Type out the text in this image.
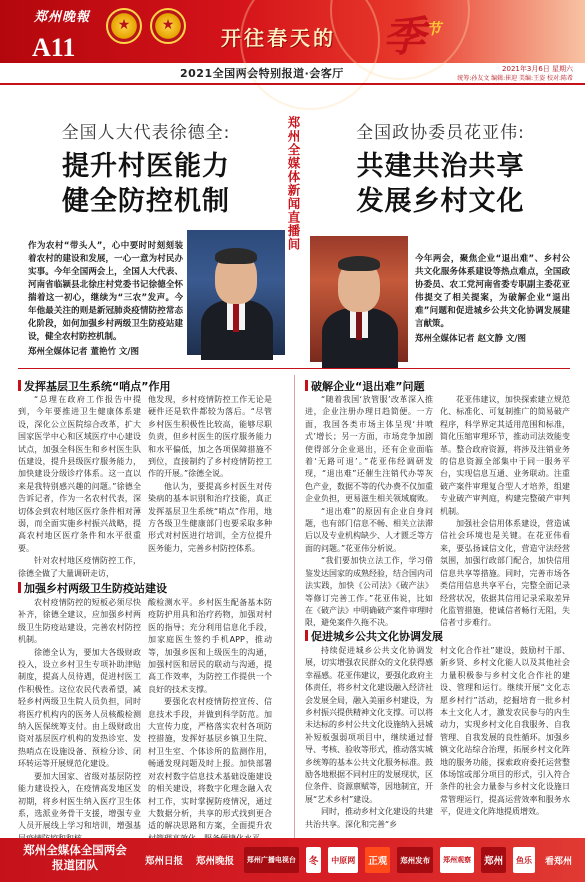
郑州晚報
A11
★	★
开往春天的 季 节
2021全国两会特别报道·会客厅	2021年3月6日 星期六
统筹:孙友文 编辑:崔迎 美编:王姿 校对:陈希
全国人大代表徐德全:
提升村医能力
健全防控机制	郑州全媒体新闻直播间	全国政协委员花亚伟:
共建共治共享
发展乡村文化
作为农村“带头人”，心中要时时刻刻装着农村的建设和发展，一心一意为村民办实事。今年全国两会上，全国人大代表、河南省临颍县北徐庄村党委书记徐德全怀揣着这一初心，继续为“三农”发声。今年他最关注的则是新冠肺炎疫情防控常态化阶段，如何加强乡村两级卫生防疫站建设，健全农村防控机制。
郑州全媒体记者 董艳竹 文/图
今年两会，聚焦企业“退出难”、乡村公共文化服务体系建设等热点难点，全国政协委员、农工党河南省委专职副主委花亚伟提交了相关提案，为破解企业“退出难”问题和促进城乡公共文化协调发展建言献策。
郑州全媒体记者 赵文静 文/图
发挥基层卫生系统“哨点”作用

“总理在政府工作报告中提到，今年要推进卫生健康体系建设，深化公立医院综合改革，扩大国家医学中心和区域医疗中心建设试点，加强全科医生和乡村医生队伍建设，提升县级医疗服务能力，加快建设分级诊疗体系。这一直以来是我特别感兴趣的问题。”徐德全告诉记者，作为一名农村代表，深切体会到农村地区医疗条件相对薄弱，而全面实施乡村振兴战略，提高农村地区医疗条件和水平很重要。

针对农村地区疫情防控工作，徐德全做了大量调研走访，

他发现，乡村疫情防控工作无论是硬件还是软件都较为落后。“尽管乡村医生积极性比较高，能够尽职负责，但乡村医生的医疗服务能力和水平偏低，加之各项保障措施不到位，直接制约了乡村疫情防控工作的开展。”徐德全说。

他认为，要提高乡村医生对传染病的基本识别和治疗技能，真正发挥基层卫生系统“哨点”作用，地方各级卫生健康部门也要采取多种形式对村医进行培训，全方位提升医务能力，完善乡村防控体系。

加强乡村两级卫生防疫站建设

农村疫情防控的短板必须尽快补齐，徐德全建议，应加强乡村两级卫生防疫站建设，完善农村防控机制。

徐德全认为，要加大各级财政投入，设立乡村卫生专项补助津贴制度，提高人员待遇，促进村医工作积极性。这位农民代表希望，减轻乡村两级卫生院人员负担，同时将医疗机构内的医务人员核酸检测纳入医保统筹支付。由上级财政出资对基层医疗机构的发热诊室、发热哨点在设施设备、预检分诊、闭环转运等开展规范化建设。

要加大国家、省级对基层防控能力建设投入，在疫情高发地区发初期，将乡村医生纳入医疗卫生体系，选派业务骨干支援，增强专业人员开展线上学习和培训，增强基

酸检测水平。乡村医生配备基本防疫防护用具和治疗药物，加强对村医的指导；充分利用信息化手段，加家庭医生签约手机APP，推动等，加强乡医和上级医生的沟通，加强村医和居民的联动与沟通，提高工作效率，为防控工作提供一个良好的技术支撑。

要强化农村疫情防控宣传、信息技术手段，并做到科学防范。加大宣传力度，严格落实农村各项防控措施，发挥好基层乡镇卫生院、村卫生室、个体诊所的监测作用，畅通发现问题及时上报。加快部署对农村数字信息技术基础设施建设的相关建设，将数字化理念融入农村工作，实时掌握防疫情况，通过大数据分析，共享的形式找到更合适的解决思路和方案，全面提升农

破解企业“退出难”问题

“随着我国‘放管服’改革深入推进，企业注册办理日趋简便。一方面，我国各类市场主体呈现‘井喷式’增长；另一方面，市场竞争加剧使得部分企业退出，还有企业面临着‘无路可退’。”花亚伟经调研发现，“退出难”还催生注销代办等灰色产业，数据不等的代办费不仅加重企业负担，更易滋生相关领域腐败。

“退出难”的原因有企业自身问题，也有部门信息不畅、相关立法滞后以及专业机构缺少、人才匮乏等方面的问题。”花亚伟分析说。

“我们要加快立法工作，学习借鉴发达国家的成熟经验，结合国内司法实践，加快《公司法》《破产法》等修订完善工作。”花亚伟说，比如在《破产法》中明确破产案件审理时限，避免案件久拖不决。

花亚伟建议，加快探索建立规范化、标准化、可复制推广的简易破产程序，科学界定其适用范围和标准，简化压缩审理环节，推动司法效能变革。整合政府资源，将涉及注销业务的信息资源全部集中于同一服务平台，实现信息互通、业务联动。注重破产案件审理复合型人才培养，组建专业破产审判庭，构建完整破产审判机制。

加强社会信用体系建设，营造诚信社会环境也是关键。在花亚伟看来，要弘扬诚信文化，营造守法经营氛围，加强行政部门配合，加快信用信息共享等措施。同时，完善市场各类信用信息共享平台，完整全面记录经营状况，依据其信用记录采取差异化监管措施，使诚信者畅行无阻，失信者寸步难行。

促进城乡公共文化协调发展

持续促进城乡公共文化协调发展，切实增强农民群众的文化获得感幸福感。花亚伟建议，要强化政府主体责任，将乡村文化建设融入经济社会发展全局，融入美丽乡村建设，为乡村振兴提供精神文化支撑。可以将未达标的乡村公共文化设施纳入县城补短板强弱项项目中，继续通过督导、考核、验收等形式，推动落实城乡统筹的基本公共文化服务标准。鼓励各地根据不同村庄的发展现状，区位条件、资源禀赋等，因地制宜，开展“艺术乡村”建设。

同时，推动乡村文化建设的共建共治共享。深化和完善“乡

村文化合作社”建设，鼓励村干部、新乡贤、乡村文化能人以及其他社会力量积极参与乡村文化合作社的建设、管理和运行。继续开展“文化志愿乡村行”活动，挖掘培育一批乡村本土文化人才，激发农民参与的内生动力，实现乡村文化自我服务、自我管理、自我发展的良性循环。加强乡镇文化站综合治理，拓展乡村文化阵地的服务功能，探索政府委托运营整体场馆或部分项目的形式，引入符合条件的社会力量参与乡村文化设施日常管理运行，提高运营效率和服务水平，促进文化阵地提质增效。

郑州全媒体全国两会
报道团队	郑州日报	郑州晚报	郑州广播电视台	冬	中原网	正观	郑州发布	郑州观察	郑州	鱼乐	看郑州
